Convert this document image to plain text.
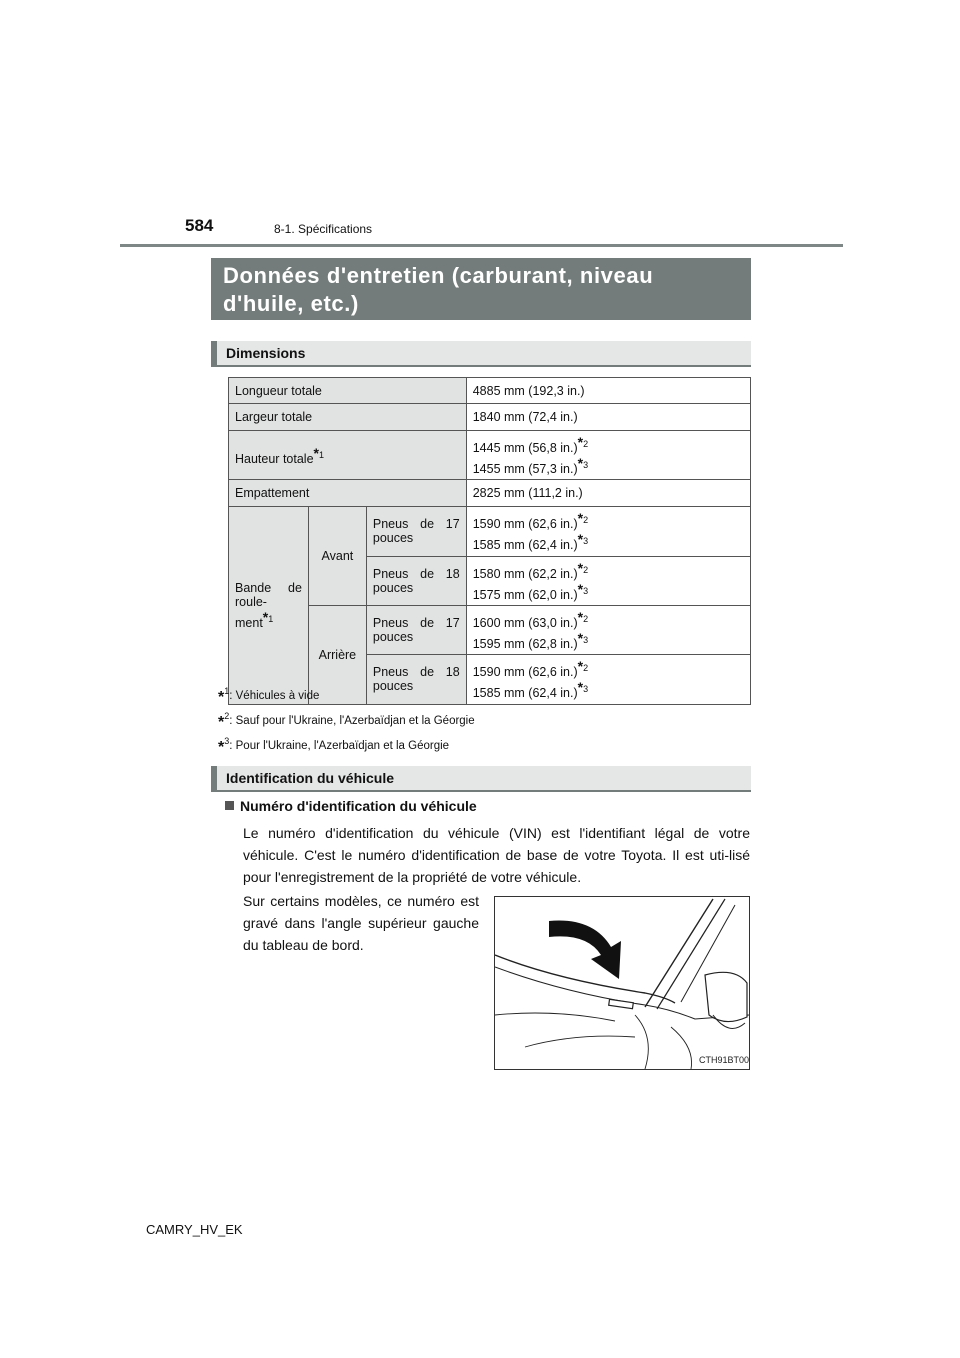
584	8-1. Spécifications
Données d'entretien (carburant, niveau d'huile, etc.)
Dimensions
Longueur totale			4885 mm (192,3 in.)
Largeur totale			1840 mm (72,4 in.)
Hauteur totale$^{*1}$			1445 mm (56,8 in.)$^{*2}$
1455 mm (57,3 in.)$^{*3}$
Empattement			2825 mm (111,2 in.)
Bande de roule-ment$^{*1}$	Avant	Pneus de 17 pouces	1590 mm (62,6 in.)$^{*2}$
1585 mm (62,4 in.)$^{*3}$
		Pneus de 18 pouces	1580 mm (62,2 in.)$^{*2}$
1575 mm (62,0 in.)$^{*3}$
	Arrière	Pneus de 17 pouces	1600 mm (63,0 in.)$^{*2}$
1595 mm (62,8 in.)$^{*3}$
		Pneus de 18 pouces	1590 mm (62,6 in.)$^{*2}$
1585 mm (62,4 in.)$^{*3}$
*$^1$: Véhicules à vide
*$^2$: Sauf pour l'Ukraine, l'Azerbaïdjan et la Géorgie
*$^3$: Pour l'Ukraine, l'Azerbaïdjan et la Géorgie
Identification du véhicule
Numéro d'identification du véhicule
Le numéro d'identification du véhicule (VIN) est l'identifiant légal de votre véhicule. C'est le numéro d'identification de base de votre Toyota. Il est uti-lisé pour l'enregistrement de la propriété de votre véhicule.
Sur certains modèles, ce numéro est gravé dans l'angle supérieur gauche du tableau de bord.
CTH91BT001
CAMRY_HV_EK
